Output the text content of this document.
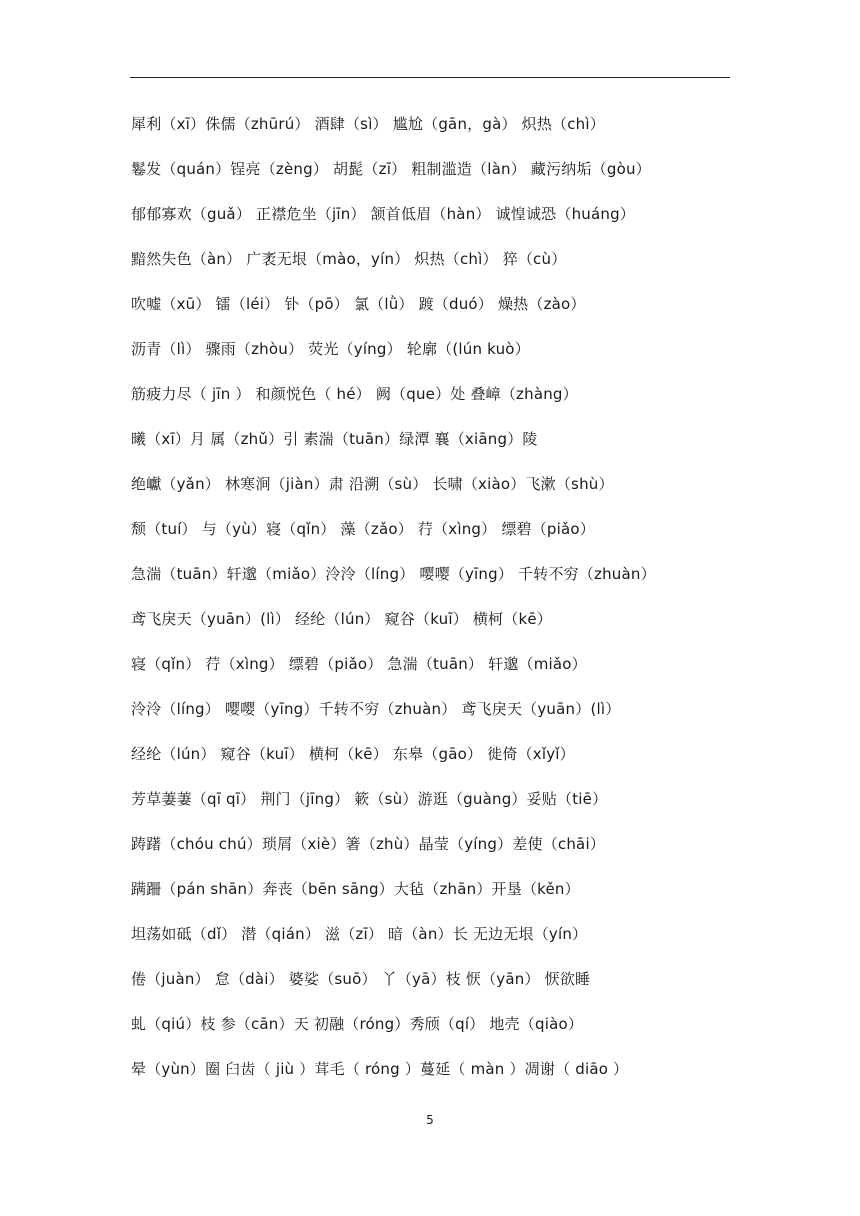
犀利（xī）侏儒（zhūrú） 酒肆（sì） 尴尬（gān，gà） 炽热（chì）
鬈发（quán）锃亮（zèng） 胡髭（zī） 粗制滥造（làn） 藏污纳垢（gòu）
郁郁寡欢（guǎ） 正襟危坐（jīn） 颔首低眉（hàn） 诚惶诚恐（huáng）
黯然失色（àn） 广袤无垠（mào，yín） 炽热（chì） 猝（cù）
吹嘘（xū） 镭（léi） 钋（pō） 氯（lǜ） 踱（duó） 燥热（zào）
沥青（lì） 骤雨（zhòu） 荧光（yíng） 轮廓（(lún kuò）
筋疲力尽（ jīn ） 和颜悦色（ hé） 阙（que）处 叠嶂（zhàng）
曦（xī）月 属（zhǔ）引 素湍（tuān）绿潭 襄（xiāng）陵
绝巘（yǎn） 林寒涧（jiàn）肃 沿溯（sù） 长啸（xiào）飞漱（shù）
颓（tuí） 与（yù）寝（qǐn） 藻（zǎo） 荇（xìng） 缥碧（piǎo）
急湍（tuān）轩邈（miǎo）泠泠（líng） 嘤嘤（yīng） 千转不穷（zhuàn）
鸢飞戾天（yuān）(lì） 经纶（lún） 窥谷（kuī） 横柯（kē）
寝（qǐn） 荇（xìng） 缥碧（piǎo） 急湍（tuān） 轩邈（miǎo）
泠泠（líng） 嘤嘤（yīng）千转不穷（zhuàn） 鸢飞戾天（yuān）(lì）
经纶（lún） 窥谷（kuī） 横柯（kē） 东皋（gāo） 徙倚（xǐyǐ）
芳草萋萋（qī qī） 荆门（jīng） 簌（sù）游逛（guàng）妥贴（tiē）
踌躇（chóu chú）琐屑（xiè）箸（zhù）晶莹（yíng）差使（chāi）
蹒跚（pán shān）奔丧（bēn sāng）大毡（zhān）开垦（kěn）
坦荡如砥（dǐ） 潜（qián） 滋（zī） 暗（àn）长 无边无垠（yín）
倦（juàn） 怠（dài） 婆娑（suō） 丫（yā）枝 恹（yān） 恹欲睡
虬（qiú）枝 参（cān）天 初融（róng）秀颀（qí） 地壳（qiào）
晕（yùn）圈 臼齿（ jiù ）茸毛（ róng ）蔓延（ màn ）凋谢（ diāo ）
5
